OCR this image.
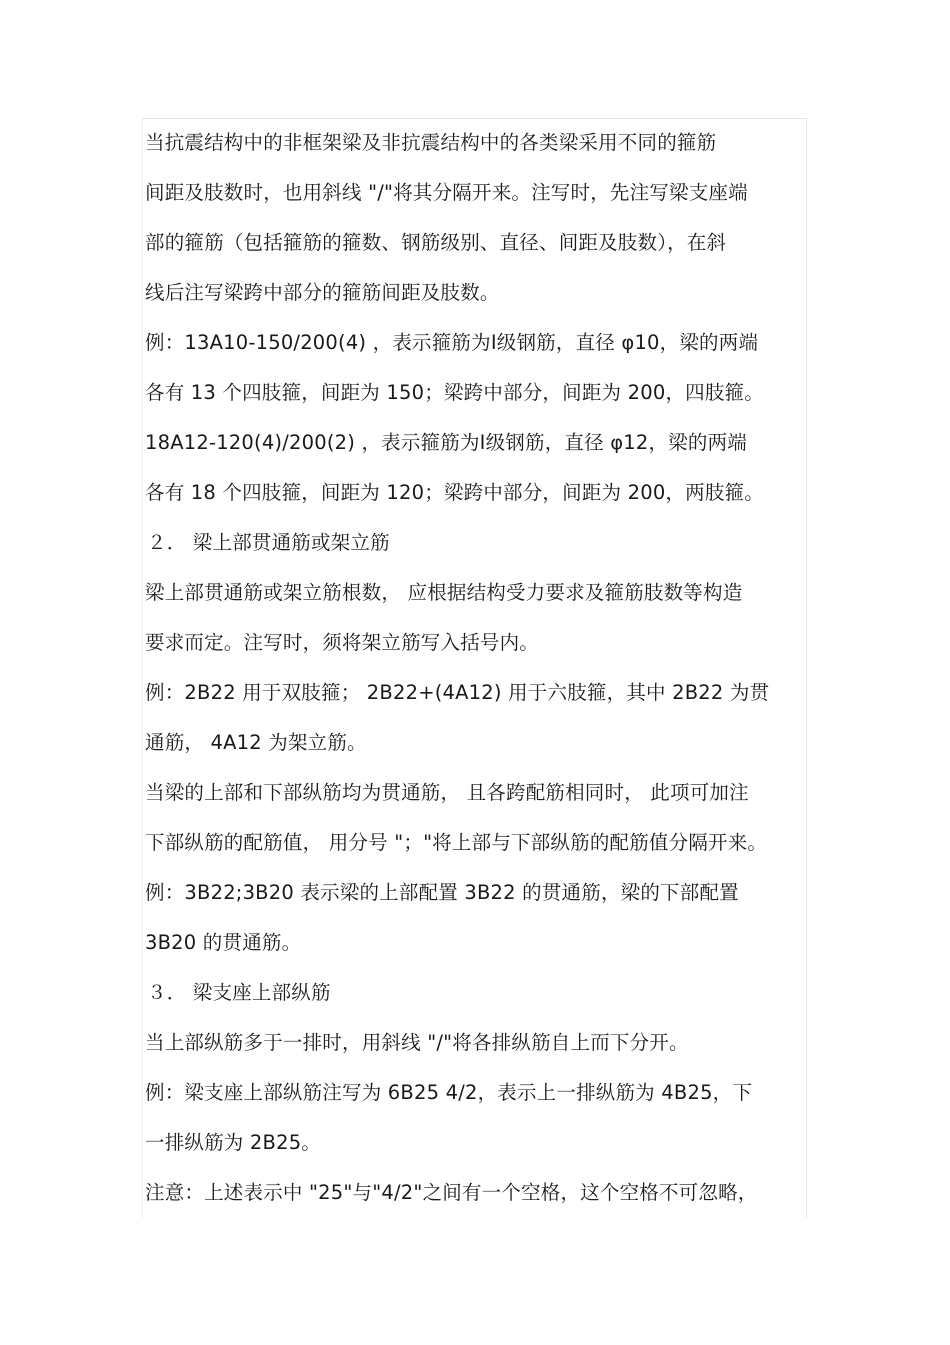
当抗震结构中的非框架梁及非抗震结构中的各类梁采用不同的箍筋
间距及肢数时，也用斜线 "/"将其分隔开来。注写时，先注写梁支座端
部的箍筋（包括箍筋的箍数、钢筋级别、直径、间距及肢数），在斜
线后注写梁跨中部分的箍筋间距及肢数。
例：13A10-150/200(4) ，表示箍筋为Ⅰ级钢筋，直径 φ10，梁的两端
各有 13 个四肢箍，间距为 150；梁跨中部分，间距为 200，四肢箍。
18A12-120(4)/200(2) ，表示箍筋为Ⅰ级钢筋，直径 φ12，梁的两端
各有 18 个四肢箍，间距为 120；梁跨中部分，间距为 200，两肢箍。
２． 梁上部贯通筋或架立筋
梁上部贯通筋或架立筋根数， 应根据结构受力要求及箍筋肢数等构造
要求而定。注写时，须将架立筋写入括号内。
例：2B22 用于双肢箍； 2B22+(4A12) 用于六肢箍，其中 2B22 为贯
通筋， 4A12 为架立筋。
当梁的上部和下部纵筋均为贯通筋， 且各跨配筋相同时， 此项可加注
下部纵筋的配筋值， 用分号 "；"将上部与下部纵筋的配筋值分隔开来。
例：3B22;3B20 表示梁的上部配置 3B22 的贯通筋，梁的下部配置
3B20 的贯通筋。
３． 梁支座上部纵筋
当上部纵筋多于一排时，用斜线 "/"将各排纵筋自上而下分开。
例：梁支座上部纵筋注写为 6B25 4/2，表示上一排纵筋为 4B25，下
一排纵筋为 2B25。
注意：上述表示中 "25"与"4/2"之间有一个空格，这个空格不可忽略，
